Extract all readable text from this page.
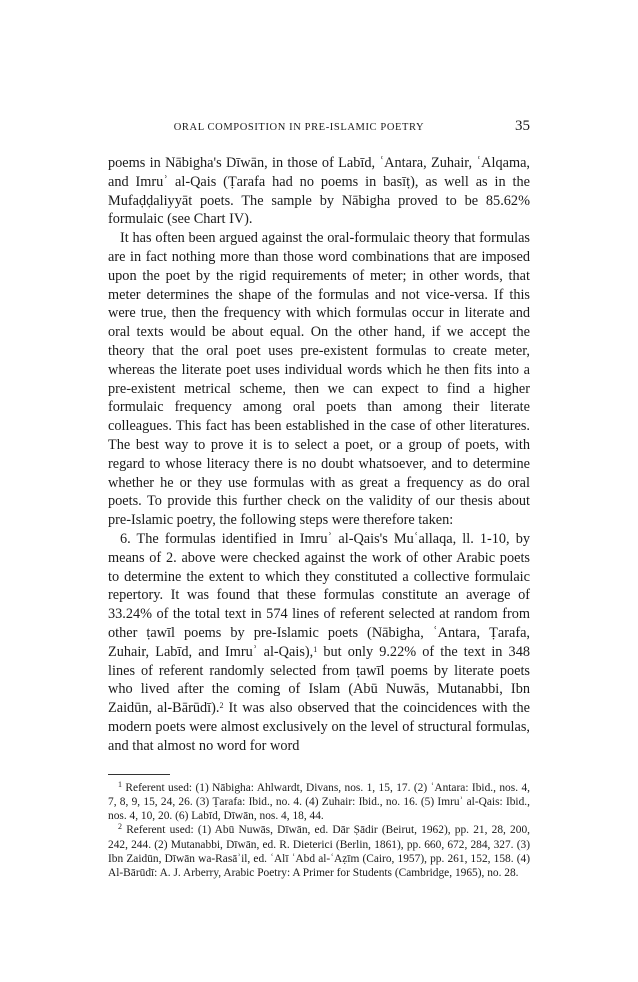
ORAL COMPOSITION IN PRE-ISLAMIC POETRY	35

poems in Nābigha's Dīwān, in those of Labīd, ʿAntara, Zuhair, ʿAlqama, and Imruʾ al-Qais (Ṭarafa had no poems in basīṭ), as well as in the Mufaḍḍaliyyāt poets. The sample by Nābigha proved to be 85.62% formulaic (see Chart IV).

It has often been argued against the oral-formulaic theory that formulas are in fact nothing more than those word combinations that are imposed upon the poet by the rigid requirements of meter; in other words, that meter determines the shape of the formulas and not vice-versa. If this were true, then the frequency with which formulas occur in literate and oral texts would be about equal. On the other hand, if we accept the theory that the oral poet uses pre-existent formulas to create meter, whereas the literate poet uses individual words which he then fits into a pre-existent metrical scheme, then we can expect to find a higher formulaic frequency among oral poets than among their literate colleagues. This fact has been established in the case of other literatures. The best way to prove it is to select a poet, or a group of poets, with regard to whose literacy there is no doubt whatsoever, and to determine whether he or they use formulas with as great a frequency as do oral poets. To provide this further check on the validity of our thesis about pre-Islamic poetry, the following steps were therefore taken:

6. The formulas identified in Imruʾ al-Qais's Muʿallaqa, ll. 1-10, by means of 2. above were checked against the work of other Arabic poets to determine the extent to which they constituted a collective formulaic repertory. It was found that these formulas constitute an average of 33.24% of the total text in 574 lines of referent selected at random from other ṭawīl poems by pre-Islamic poets (Nābigha, ʿAntara, Ṭarafa, Zuhair, Labīd, and Imruʾ al-Qais),$^1$ but only 9.22% of the text in 348 lines of referent randomly selected from ṭawīl poems by literate poets who lived after the coming of Islam (Abū Nuwās, Mutanabbi, Ibn Zaidūn, al-Bārūdī).$^2$ It was also observed that the coincidences with the modern poets were almost exclusively on the level of structural formulas, and that almost no word for word

$^1$ Referent used: (1) Nābigha: Ahlwardt, Divans, nos. 1, 15, 17. (2) ʿAntara: Ibid., nos. 4, 7, 8, 9, 15, 24, 26. (3) Ṭarafa: Ibid., no. 4. (4) Zuhair: Ibid., no. 16. (5) Imruʾ al-Qais: Ibid., nos. 4, 10, 20. (6) Labīd, Dīwān, nos. 4, 18, 44.

$^2$ Referent used: (1) Abū Nuwās, Dīwān, ed. Dār Ṣādir (Beirut, 1962), pp. 21, 28, 200, 242, 244. (2) Mutanabbi, Dīwān, ed. R. Dieterici (Berlin, 1861), pp. 660, 672, 284, 327. (3) Ibn Zaidūn, Dīwān wa-Rasāʾil, ed. ʿAlī ʿAbd al-ʿAẓīm (Cairo, 1957), pp. 261, 152, 158. (4) Al-Bārūdī: A. J. Arberry, Arabic Poetry: A Primer for Students (Cambridge, 1965), no. 28.
